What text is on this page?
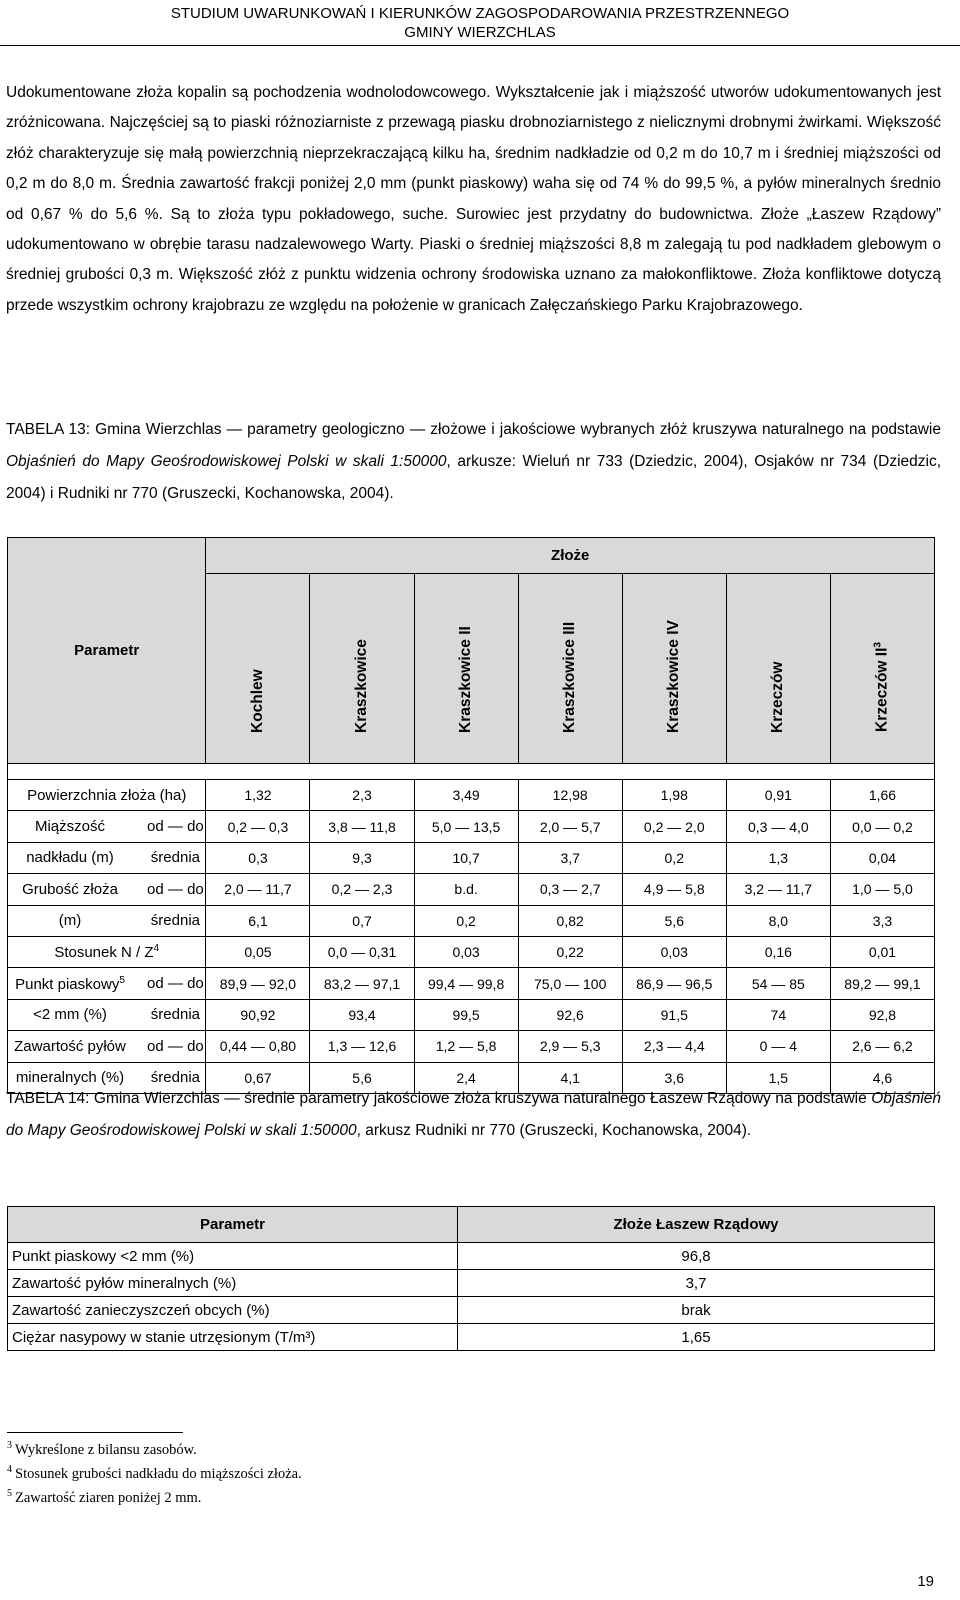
STUDIUM UWARUNKOWAŃ I KIERUNKÓW ZAGOSPODAROWANIA PRZESTRZENNEGO
GMINY WIERZCHLAS

Udokumentowane złoża kopalin są pochodzenia wodnolodowcowego. Wykształcenie jak i miąższość utworów udokumentowanych jest zróżnicowana. Najczęściej są to piaski różnoziarniste z przewagą piasku drobnoziarnistego z nielicznymi drobnymi żwirkami. Większość złóż charakteryzuje się małą powierzchnią nieprzekraczającą kilku ha, średnim nadkładzie od 0,2 m do 10,7 m i średniej miąższości od 0,2 m do 8,0 m. Średnia zawartość frakcji poniżej 2,0 mm (punkt piaskowy) waha się od 74 % do 99,5 %, a pyłów mineralnych średnio od 0,67 % do 5,6 %. Są to złoża typu pokładowego, suche. Surowiec jest przydatny do budownictwa. Złoże „Łaszew Rządowy” udokumentowano w obrębie tarasu nadzalewowego Warty. Piaski o średniej miąższości 8,8 m zalegają tu pod nadkładem glebowym o średniej grubości 0,3 m. Większość złóż z punktu widzenia ochrony środowiska uznano za małokonfliktowe. Złoża konfliktowe dotyczą przede wszystkim ochrony krajobrazu ze względu na położenie w granicach Załęczańskiego Parku Krajobrazowego.

TABELA 13: Gmina Wierzchlas — parametry geologiczno — złożowe i jakościowe wybranych złóż kruszywa naturalnego na podstawie Objaśnień do Mapy Geośrodowiskowej Polski w skali 1:50000, arkusze: Wieluń nr 733 (Dziedzic, 2004), Osjaków nr 734 (Dziedzic, 2004) i Rudniki nr 770 (Gruszecki, Kochanowska, 2004).

Parametr	Złoże						

	Kochlew	Kraszkowice	Kraszkowice II	Kraszkowice III	Kraszkowice IV	Krzeczów	Krzeczów $II^3$

Powierzchnia złoża (ha)	1,32	2,3	3,49	12,98	1,98	0,91	1,66

Miąższość od — do	0,2 — 0,3	3,8 — 11,8	5,0 — 13,5	2,0 — 5,7	0,2 — 2,0	0,3 — 4,0	0,0 — 0,2

nadkładu (m) średnia	0,3	9,3	10,7	3,7	0,2	1,3	0,04

Grubość złoża od — do	2,0 — 11,7	0,2 — 2,3	b.d.	0,3 — 2,7	4,9 — 5,8	3,2 — 11,7	1,0 — 5,0

(m) średnia	6,1	0,7	0,2	0,82	5,6	8,0	3,3
Stosunek N / $Z^4$	0,05	0,0 — 0,31	0,03	0,22	0,03	0,16	0,01

Punkt piaskowy$^5$ od — do	89,9 — 92,0	83,2 — 97,1	99,4 — 99,8	75,0 — 100	86,9 — 96,5	54 — 85	89,2 — 99,1

<2 mm (%) średnia	90,92	93,4	99,5	92,6	91,5	74	92,8

Zawartość pyłów od — do	0,44 — 0,80	1,3 — 12,6	1,2 — 5,8	2,9 — 5,3	2,3 — 4,4	0 — 4	2,6 — 6,2

mineralnych (%) średnia	0,67	5,6	2,4	4,1	3,6	1,5	4,6

TABELA 14: Gmina Wierzchlas — średnie parametry jakościowe złoża kruszywa naturalnego Łaszew Rządowy na podstawie Objaśnień do Mapy Geośrodowiskowej Polski w skali 1:50000, arkusz Rudniki nr 770 (Gruszecki, Kochanowska, 2004).

Parametr	Złoże Łaszew Rządowy
Punkt piaskowy <2 mm (%)	96,8
Zawartość pyłów mineralnych (%)	3,7
Zawartość zanieczyszczeń obcych (%)	brak
Ciężar nasypowy w stanie utrzęsionym (T/m³)	1,65
$^3$ Wykreślone z bilansu zasobów.
$^4$ Stosunek grubości nadkładu do miąższości złoża.
$^5$ Zawartość ziaren poniżej 2 mm.
19
